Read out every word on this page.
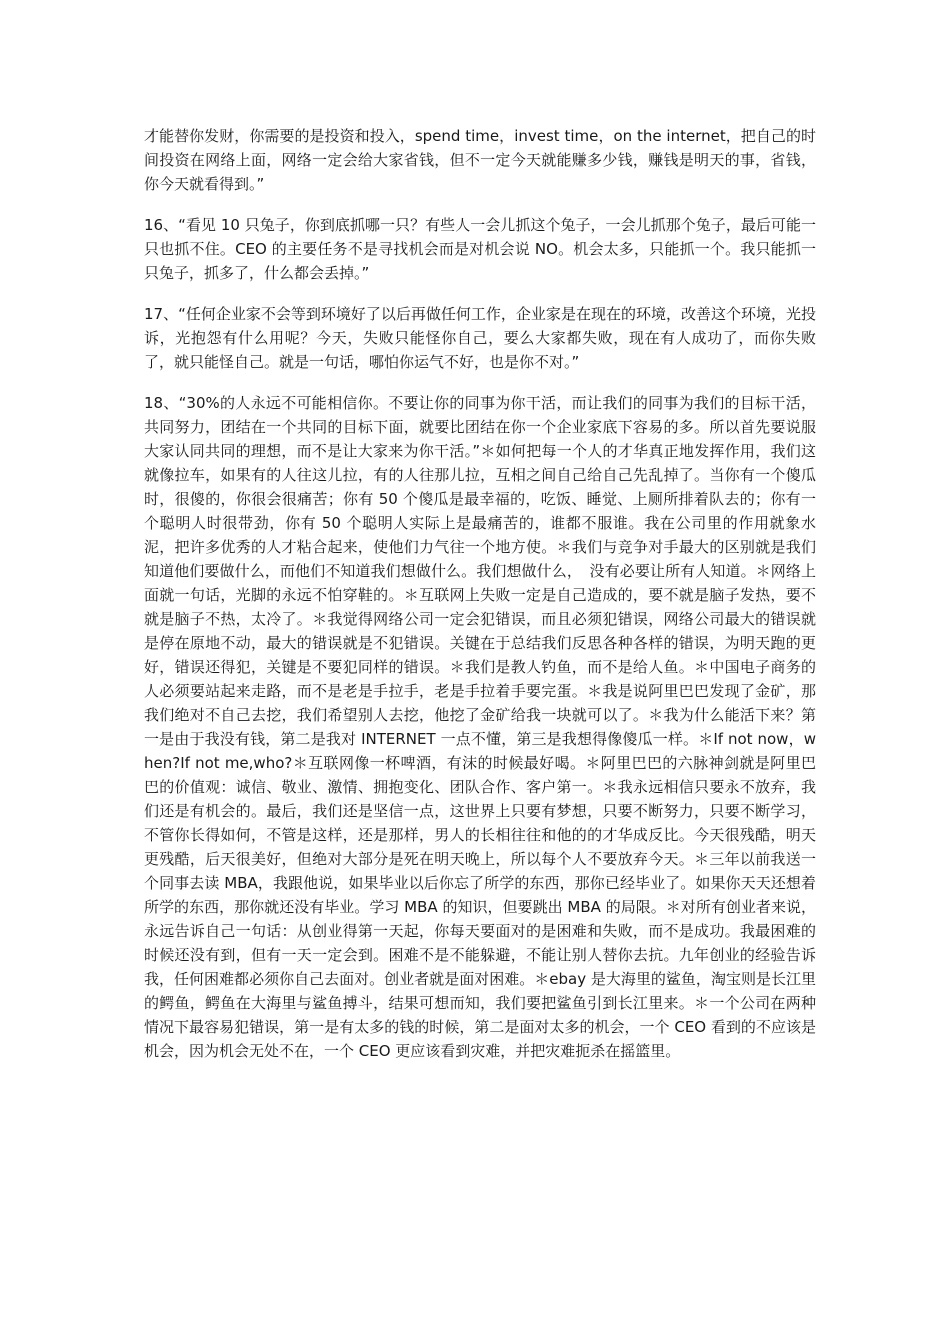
才能替你发财，你需要的是投资和投入，spend time，invest time，on the internet，把自己的时间投资在网络上面，网络一定会给大家省钱，但不一定今天就能赚多少钱，赚钱是明天的事，省钱，你今天就看得到。”

16、“看见 10 只兔子，你到底抓哪一只？有些人一会儿抓这个兔子，一会儿抓那个兔子，最后可能一只也抓不住。CEO 的主要任务不是寻找机会而是对机会说 NO。机会太多，只能抓一个。我只能抓一只兔子，抓多了，什么都会丢掉。”

17、“任何企业家不会等到环境好了以后再做任何工作，企业家是在现在的环境，改善这个环境，光投诉，光抱怨有什么用呢？今天，失败只能怪你自己，要么大家都失败，现在有人成功了，而你失败了，就只能怪自己。就是一句话，哪怕你运气不好，也是你不对。”

18、“30%的人永远不可能相信你。不要让你的同事为你干活，而让我们的同事为我们的目标干活，共同努力，团结在一个共同的目标下面，就要比团结在你一个企业家底下容易的多。所以首先要说服大家认同共同的理想，而不是让大家来为你干活。”＊如何把每一个人的才华真正地发挥作用，我们这就像拉车，如果有的人往这儿拉，有的人往那儿拉，互相之间自己给自己先乱掉了。当你有一个傻瓜时，很傻的，你很会很痛苦；你有 50 个傻瓜是最幸福的，吃饭、睡觉、上厕所排着队去的；你有一个聪明人时很带劲，你有 50 个聪明人实际上是最痛苦的，谁都不服谁。我在公司里的作用就象水泥，把许多优秀的人才粘合起来，使他们力气往一个地方使。＊我们与竞争对手最大的区别就是我们知道他们要做什么，而他们不知道我们想做什么。我们想做什么，　没有必要让所有人知道。＊网络上面就一句话，光脚的永远不怕穿鞋的。＊互联网上失败一定是自己造成的，要不就是脑子发热，要不就是脑子不热，太冷了。＊我觉得网络公司一定会犯错误，而且必须犯错误，网络公司最大的错误就是停在原地不动，最大的错误就是不犯错误。关键在于总结我们反思各种各样的错误，为明天跑的更好，错误还得犯，关键是不要犯同样的错误。＊我们是教人钓鱼，而不是给人鱼。＊中国电子商务的人必须要站起来走路，而不是老是手拉手，老是手拉着手要完蛋。＊我是说阿里巴巴发现了金矿，那我们绝对不自己去挖，我们希望别人去挖，他挖了金矿给我一块就可以了。＊我为什么能活下来？第一是由于我没有钱，第二是我对 INTERNET 一点不懂，第三是我想得像傻瓜一样。＊If not now，when?If not me,who?＊互联网像一杯啤酒，有沫的时候最好喝。＊阿里巴巴的六脉神剑就是阿里巴巴的价值观：诚信、敬业、激情、拥抱变化、团队合作、客户第一。＊我永远相信只要永不放弃，我们还是有机会的。最后，我们还是坚信一点，这世界上只要有梦想，只要不断努力，只要不断学习，不管你长得如何，不管是这样，还是那样，男人的长相往往和他的的才华成反比。今天很残酷，明天更残酷，后天很美好，但绝对大部分是死在明天晚上，所以每个人不要放弃今天。＊三年以前我送一个同事去读 MBA，我跟他说，如果毕业以后你忘了所学的东西，那你已经毕业了。如果你天天还想着所学的东西，那你就还没有毕业。学习 MBA 的知识，但要跳出 MBA 的局限。＊对所有创业者来说，永远告诉自己一句话：从创业得第一天起，你每天要面对的是困难和失败，而不是成功。我最困难的时候还没有到，但有一天一定会到。困难不是不能躲避，不能让别人替你去抗。九年创业的经验告诉我，任何困难都必须你自己去面对。创业者就是面对困难。＊ebay 是大海里的鲨鱼，淘宝则是长江里的鳄鱼，鳄鱼在大海里与鲨鱼搏斗，结果可想而知，我们要把鲨鱼引到长江里来。＊一个公司在两种情况下最容易犯错误，第一是有太多的钱的时候，第二是面对太多的机会，一个 CEO 看到的不应该是机会，因为机会无处不在，一个 CEO 更应该看到灾难，并把灾难扼杀在摇篮里。
